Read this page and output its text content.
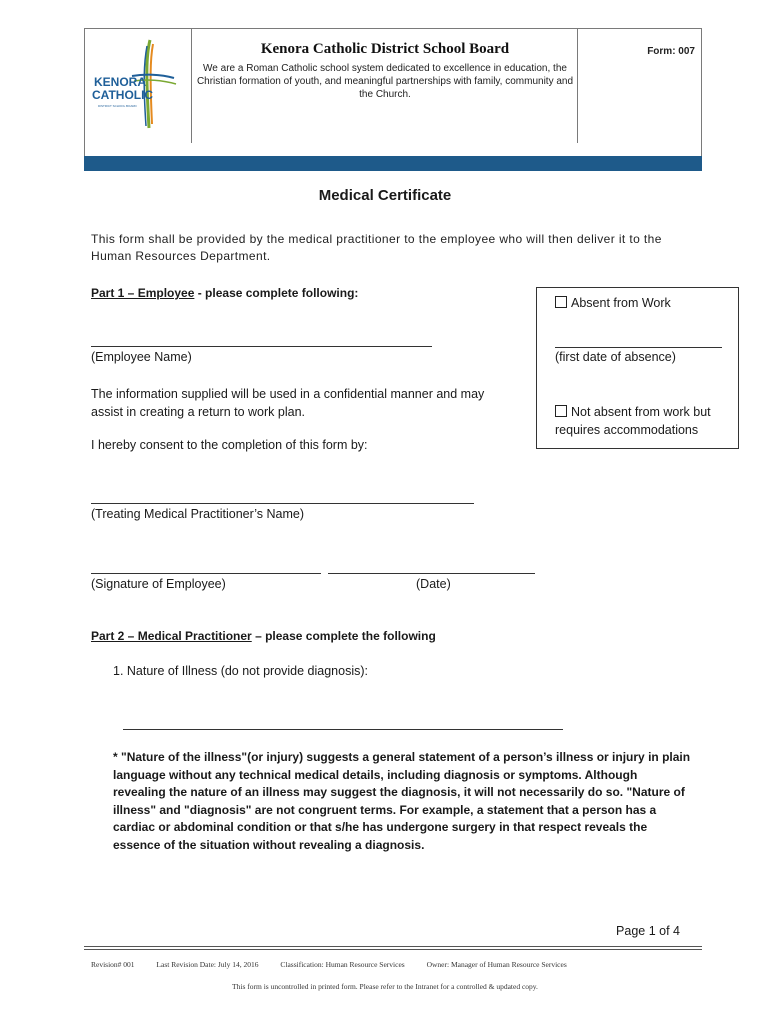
KENORA
CATHOLIC
DISTRICT SCHOOL BOARD
Kenora Catholic District School Board
We are a Roman Catholic school system dedicated to excellence in education, the Christian formation of youth, and meaningful partnerships with family, community and the Church.
Form: 007
Medical Certificate
This form shall be provided by the medical practitioner to the employee who will then deliver it to the Human Resources Department.
Part 1 – Employee - please complete following:
(Employee Name)
The information supplied will be used in a confidential manner and may assist in creating a return to work plan.
I hereby consent to the completion of this form by:
(Treating Medical Practitioner’s Name)
(Signature of Employee)	(Date)
Absent from Work
(first date of absence)
Not absent from work but requires accommodations
Part 2 – Medical Practitioner – please complete the following
1. Nature of Illness (do not provide diagnosis):
* "Nature of the illness"(or injury) suggests a general statement of a person’s illness or injury in plain language without any technical medical details, including diagnosis or symptoms. Although revealing the nature of an illness may suggest the diagnosis, it will not necessarily do so. "Nature of illness" and "diagnosis" are not congruent terms. For example, a statement that a person has a cardiac or abdominal condition or that s/he has undergone surgery in that respect reveals the essence of the situation without revealing a diagnosis.
Page 1 of 4
Revision# 001	Last Revision Date: July 14, 2016	Classification: Human Resource Services	Owner: Manager of Human Resource Services
This form is uncontrolled in printed form. Please refer to the Intranet for a controlled & updated copy.
